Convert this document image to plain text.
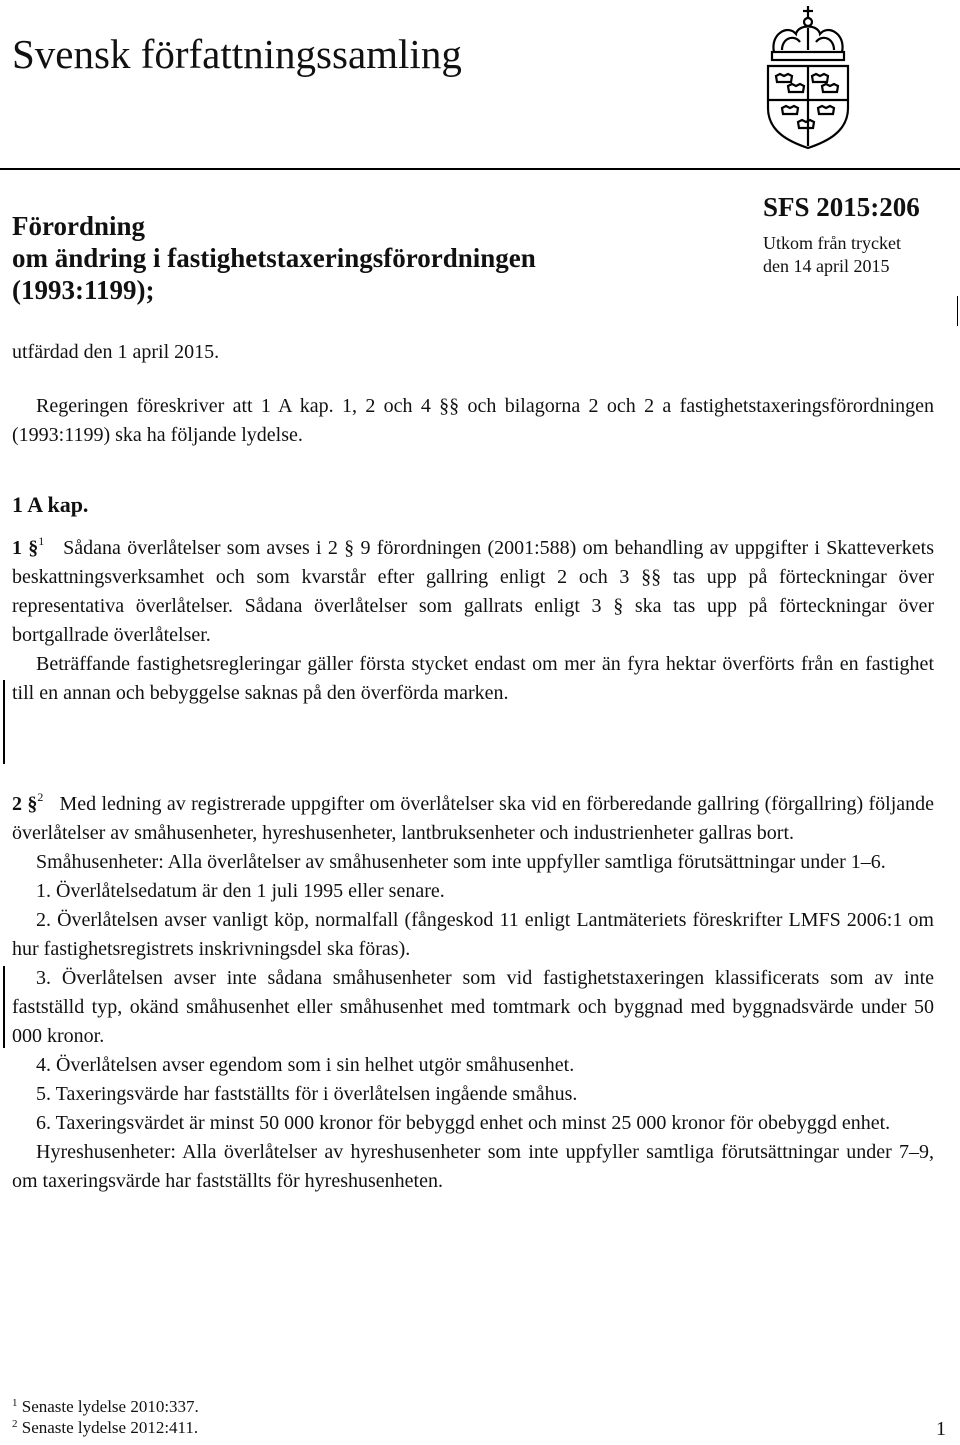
Svensk författningssamling
Förordning
om ändring i fastighetstaxeringsförordningen
(1993:1199);
SFS 2015:206
Utkom från trycket
den 14 april 2015

utfärdad den 1 april 2015.

Regeringen föreskriver att 1 A kap. 1, 2 och 4 §§ och bilagorna 2 och 2 a fastighetstaxeringsförordningen (1993:1199) ska ha följande lydelse.

1 A kap.

1 §$^1$ Sådana överlåtelser som avses i 2 § 9 förordningen (2001:588) om behandling av uppgifter i Skatteverkets beskattningsverksamhet och som kvarstår efter gallring enligt 2 och 3 §§ tas upp på förteckningar över representativa överlåtelser. Sådana överlåtelser som gallrats enligt 3 § ska tas upp på förteckningar över bortgallrade överlåtelser.

Beträffande fastighetsregleringar gäller första stycket endast om mer än fyra hektar överförts från en fastighet till en annan och bebyggelse saknas på den överförda marken.

2 §$^2$ Med ledning av registrerade uppgifter om överlåtelser ska vid en förberedande gallring (förgallring) följande överlåtelser av småhusenheter, hyreshusenheter, lantbruksenheter och industrienheter gallras bort.

Småhusenheter: Alla överlåtelser av småhusenheter som inte uppfyller samtliga förutsättningar under 1–6.

1. Överlåtelsedatum är den 1 juli 1995 eller senare.

2. Överlåtelsen avser vanligt köp, normalfall (fångeskod 11 enligt Lantmäteriets föreskrifter LMFS 2006:1 om hur fastighetsregistrets inskrivningsdel ska föras).

3. Överlåtelsen avser inte sådana småhusenheter som vid fastighetstaxeringen klassificerats som av inte fastställd typ, okänd småhusenhet eller småhusenhet med tomtmark och byggnad med byggnadsvärde under 50 000 kronor.

4. Överlåtelsen avser egendom som i sin helhet utgör småhusenhet.

5. Taxeringsvärde har fastställts för i överlåtelsen ingående småhus.

6. Taxeringsvärdet är minst 50 000 kronor för bebyggd enhet och minst 25 000 kronor för obebyggd enhet.

Hyreshusenheter: Alla överlåtelser av hyreshusenheter som inte uppfyller samtliga förutsättningar under 7–9, om taxeringsvärde har fastställts för hyreshusenheten.

$^1$ Senaste lydelse 2010:337.
$^2$ Senaste lydelse 2012:411.	1
